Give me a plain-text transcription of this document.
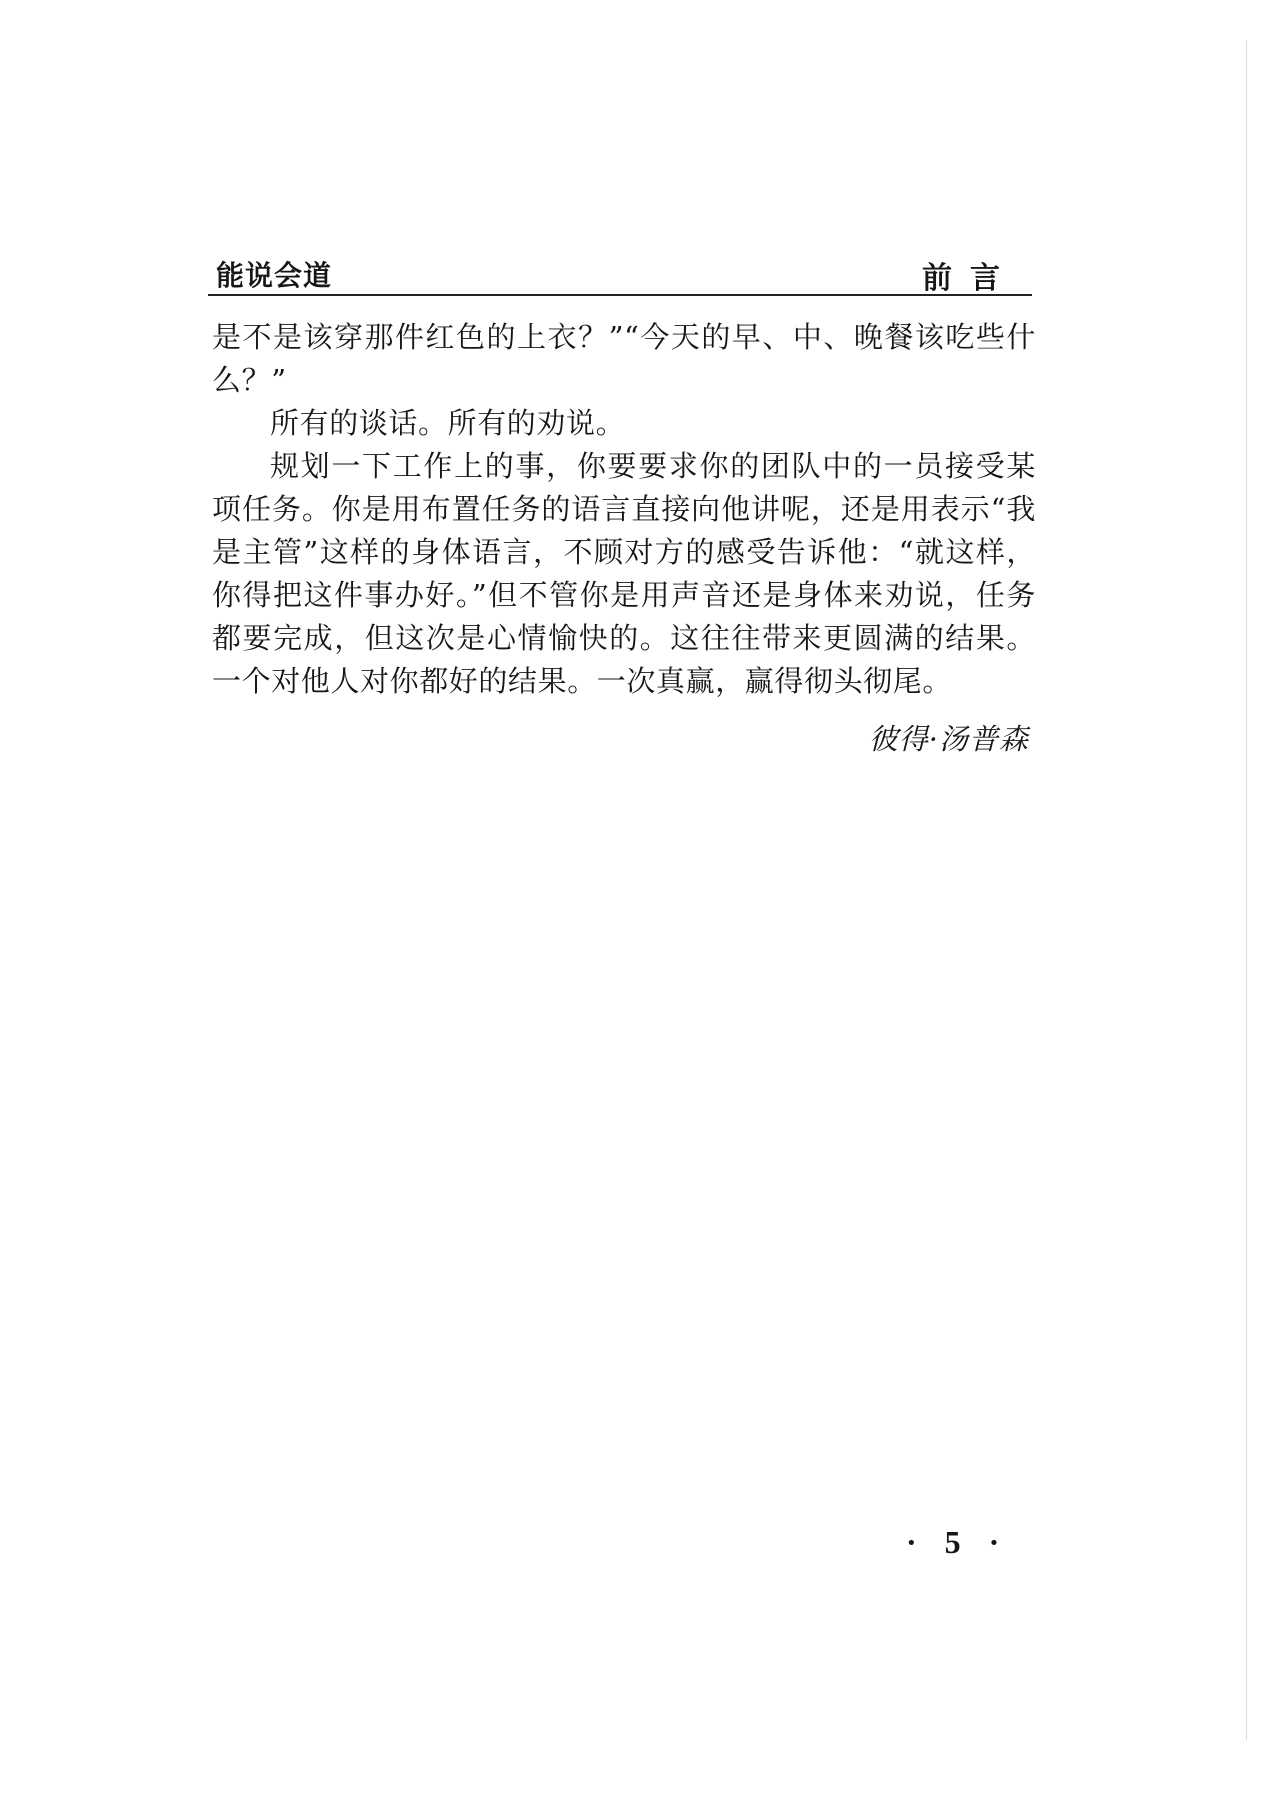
能说会道	前言

是不是该穿那件红色的上衣？”“今天的早、中、晚餐该吃些什么？”

所有的谈话。所有的劝说。

规划一下工作上的事，你要要求你的团队中的一员接受某项任务。你是用布置任务的语言直接向他讲呢，还是用表示“我是主管”这样的身体语言，不顾对方的感受告诉他：“就这样，你得把这件事办好。”但不管你是用声音还是身体来劝说，任务都要完成，但这次是心情愉快的。这往往带来更圆满的结果。一个对他人对你都好的结果。一次真赢，赢得彻头彻尾。

彼得·汤普森
· 5 ·
